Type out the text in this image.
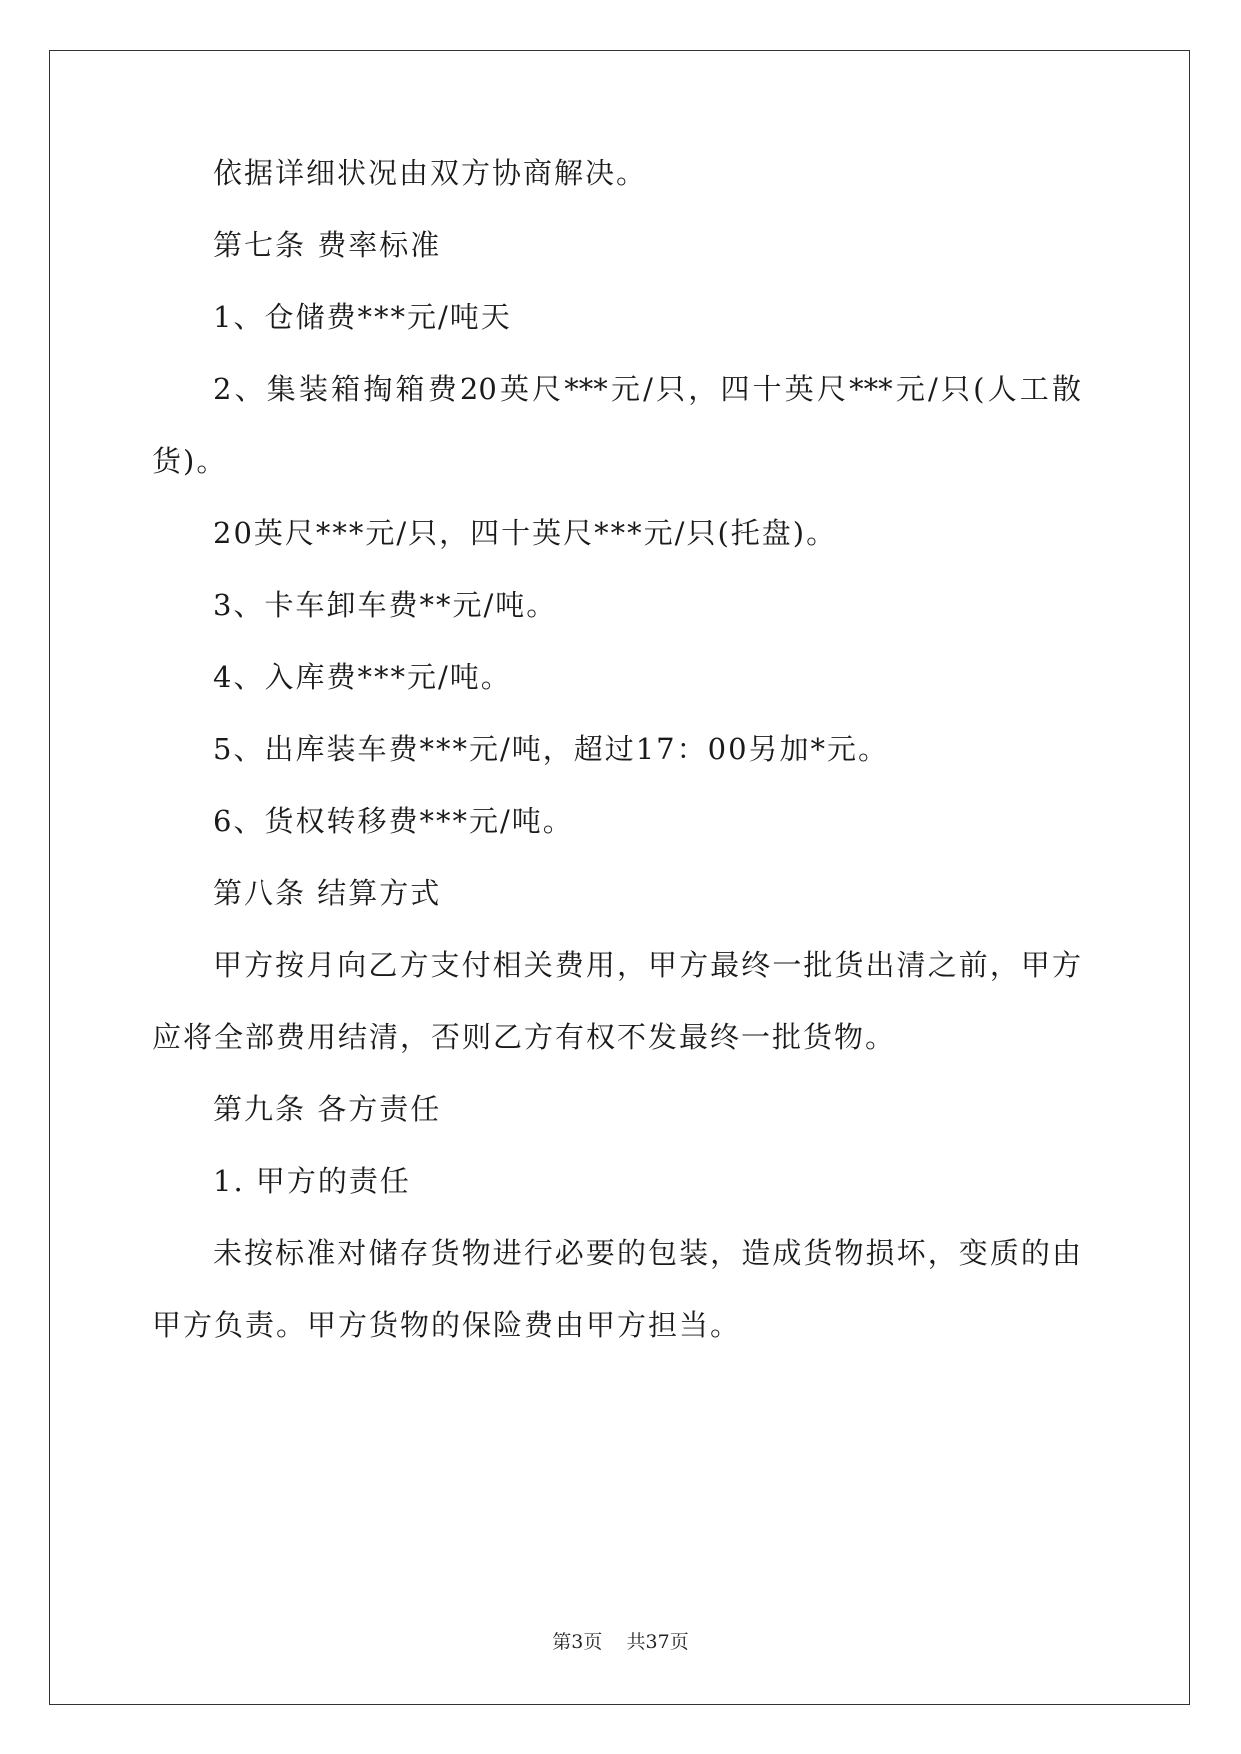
依据详细状况由双方协商解决。

第七条 费率标准

1、仓储费***元/吨天

2、集装箱掏箱费20英尺***元/只，四十英尺***元/只(人工散

货)。

20英尺***元/只，四十英尺***元/只(托盘)。

3、卡车卸车费**元/吨。

4、入库费***元/吨。

5、出库装车费***元/吨，超过17：00另加*元。

6、货权转移费***元/吨。

第八条 结算方式

甲方按月向乙方支付相关费用，甲方最终一批货出清之前，甲方

应将全部费用结清，否则乙方有权不发最终一批货物。

第九条 各方责任

1. 甲方的责任

未按标准对储存货物进行必要的包装，造成货物损坏，变质的由

甲方负责。甲方货物的保险费由甲方担当。

第3页 共37页
